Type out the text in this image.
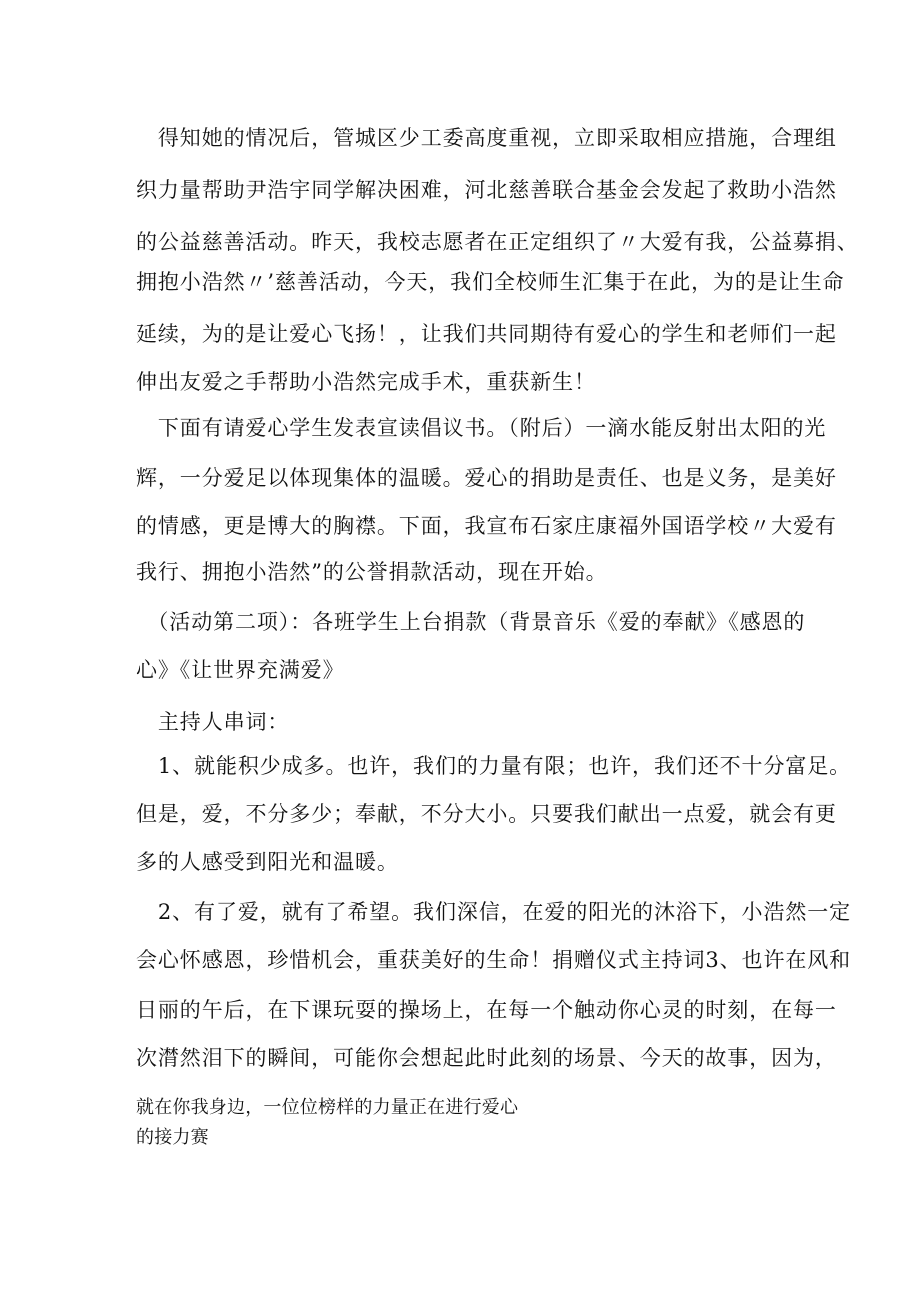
　得知她的情况后，管城区少工委高度重视，立即采取相应措施，合理组
织力量帮助尹浩宇同学解决困难，河北慈善联合基金会发起了救助小浩然
的公益慈善活动。昨天，我校志愿者在正定组织了〃大爱有我，公益募捐、
拥抱小浩然〃’慈善活动，今天，我们全校师生汇集于在此，为的是让生命
延续，为的是让爱心飞扬！，让我们共同期待有爱心的学生和老师们一起
伸出友爱之手帮助小浩然完成手术，重获新生！
　下面有请爱心学生发表宣读倡议书。（附后）一滴水能反射出太阳的光
辉，一分爱足以体现集体的温暖。爱心的捐助是责任、也是义务，是美好
的情感，更是博大的胸襟。下面，我宣布石家庄康福外国语学校〃大爱有
我行、拥抱小浩然”的公誉捐款活动，现在开始。
　（活动第二项）：各班学生上台捐款（背景音乐《爱的奉献》《感恩的
心》《让世界充满爱》
　主持人串词：
　1、就能积少成多。也许，我们的力量有限；也许，我们还不十分富足。
但是，爱，不分多少；奉献，不分大小。只要我们献出一点爱，就会有更
多的人感受到阳光和温暖。
　2、有了爱，就有了希望。我们深信，在爱的阳光的沐浴下，小浩然一定
会心怀感恩，珍惜机会，重获美好的生命！捐赠仪式主持词3、也许在风和
日丽的午后，在下课玩耍的操场上，在每一个触动你心灵的时刻，在每一
次潸然泪下的瞬间，可能你会想起此时此刻的场景、今天的故事，因为，
就在你我身边，一位位榜样的力量正在进行爱心
的接力赛
